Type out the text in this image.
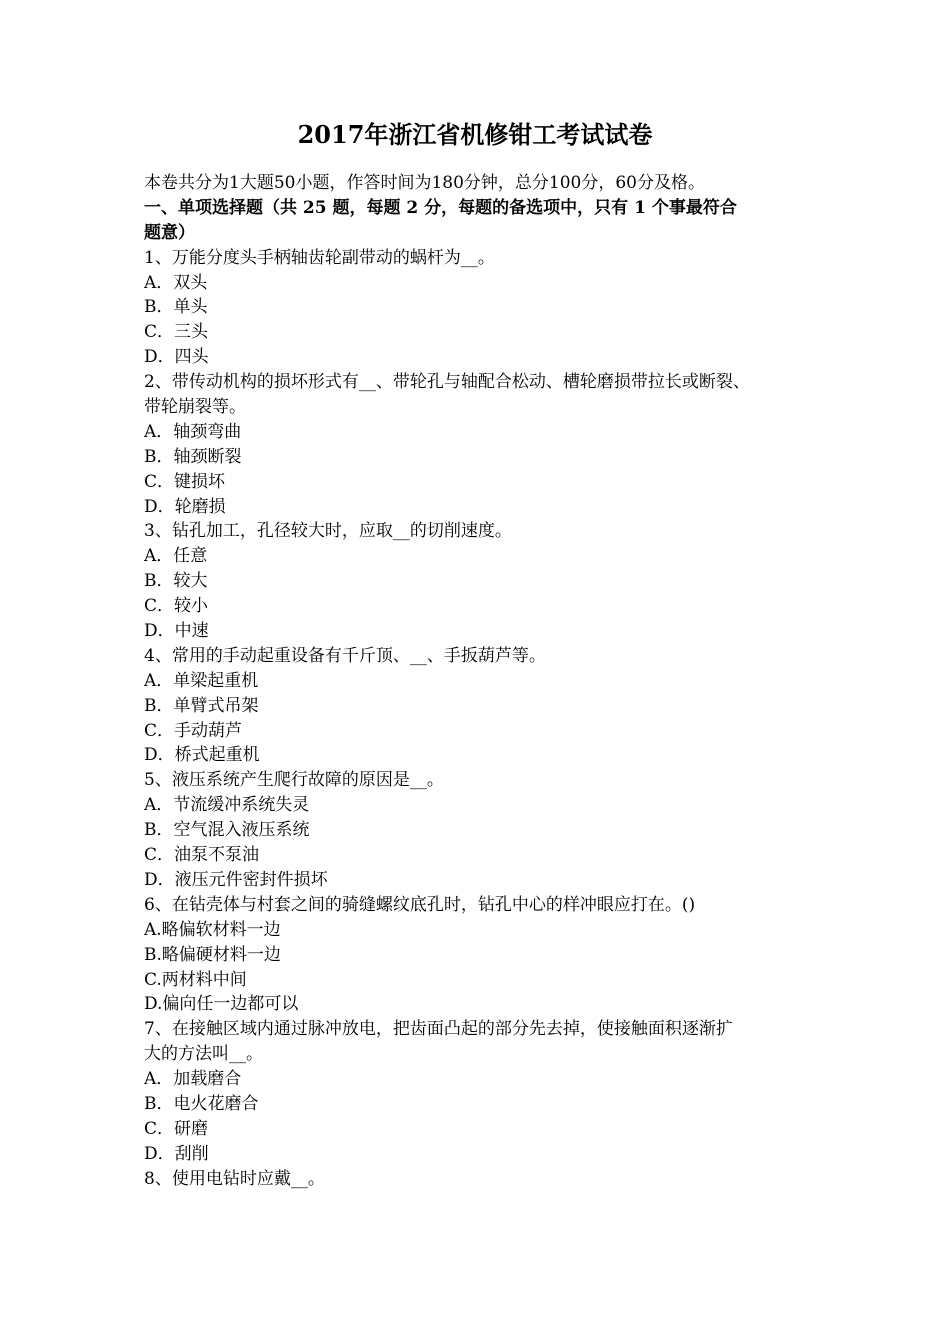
2017年浙江省机修钳工考试试卷
本卷共分为1大题50小题，作答时间为180分钟，总分100分，60分及格。
一、单项选择题（共 25 题，每题 2 分，每题的备选项中，只有 1 个事最符合
题意）
1、万能分度头手柄轴齿轮副带动的蜗杆为__。
A．双头
B．单头
C．三头
D．四头
2、带传动机构的损坏形式有__、带轮孔与轴配合松动、槽轮磨损带拉长或断裂、
带轮崩裂等。
A．轴颈弯曲
B．轴颈断裂
C．键损坏
D．轮磨损
3、钻孔加工，孔径较大时，应取__的切削速度。
A．任意
B．较大
C．较小
D．中速
4、常用的手动起重设备有千斤顶、__、手扳葫芦等。
A．单梁起重机
B．单臂式吊架
C．手动葫芦
D．桥式起重机
5、液压系统产生爬行故障的原因是__。
A．节流缓冲系统失灵
B．空气混入液压系统
C．油泵不泵油
D．液压元件密封件损坏
6、在钻壳体与村套之间的骑缝螺纹底孔时，钻孔中心的样冲眼应打在。()
A.略偏软材料一边
B.略偏硬材料一边
C.两材料中间
D.偏向任一边都可以
7、在接触区域内通过脉冲放电，把齿面凸起的部分先去掉，使接触面积逐渐扩
大的方法叫__。
A．加载磨合
B．电火花磨合
C．研磨
D．刮削
8、使用电钻时应戴__。
